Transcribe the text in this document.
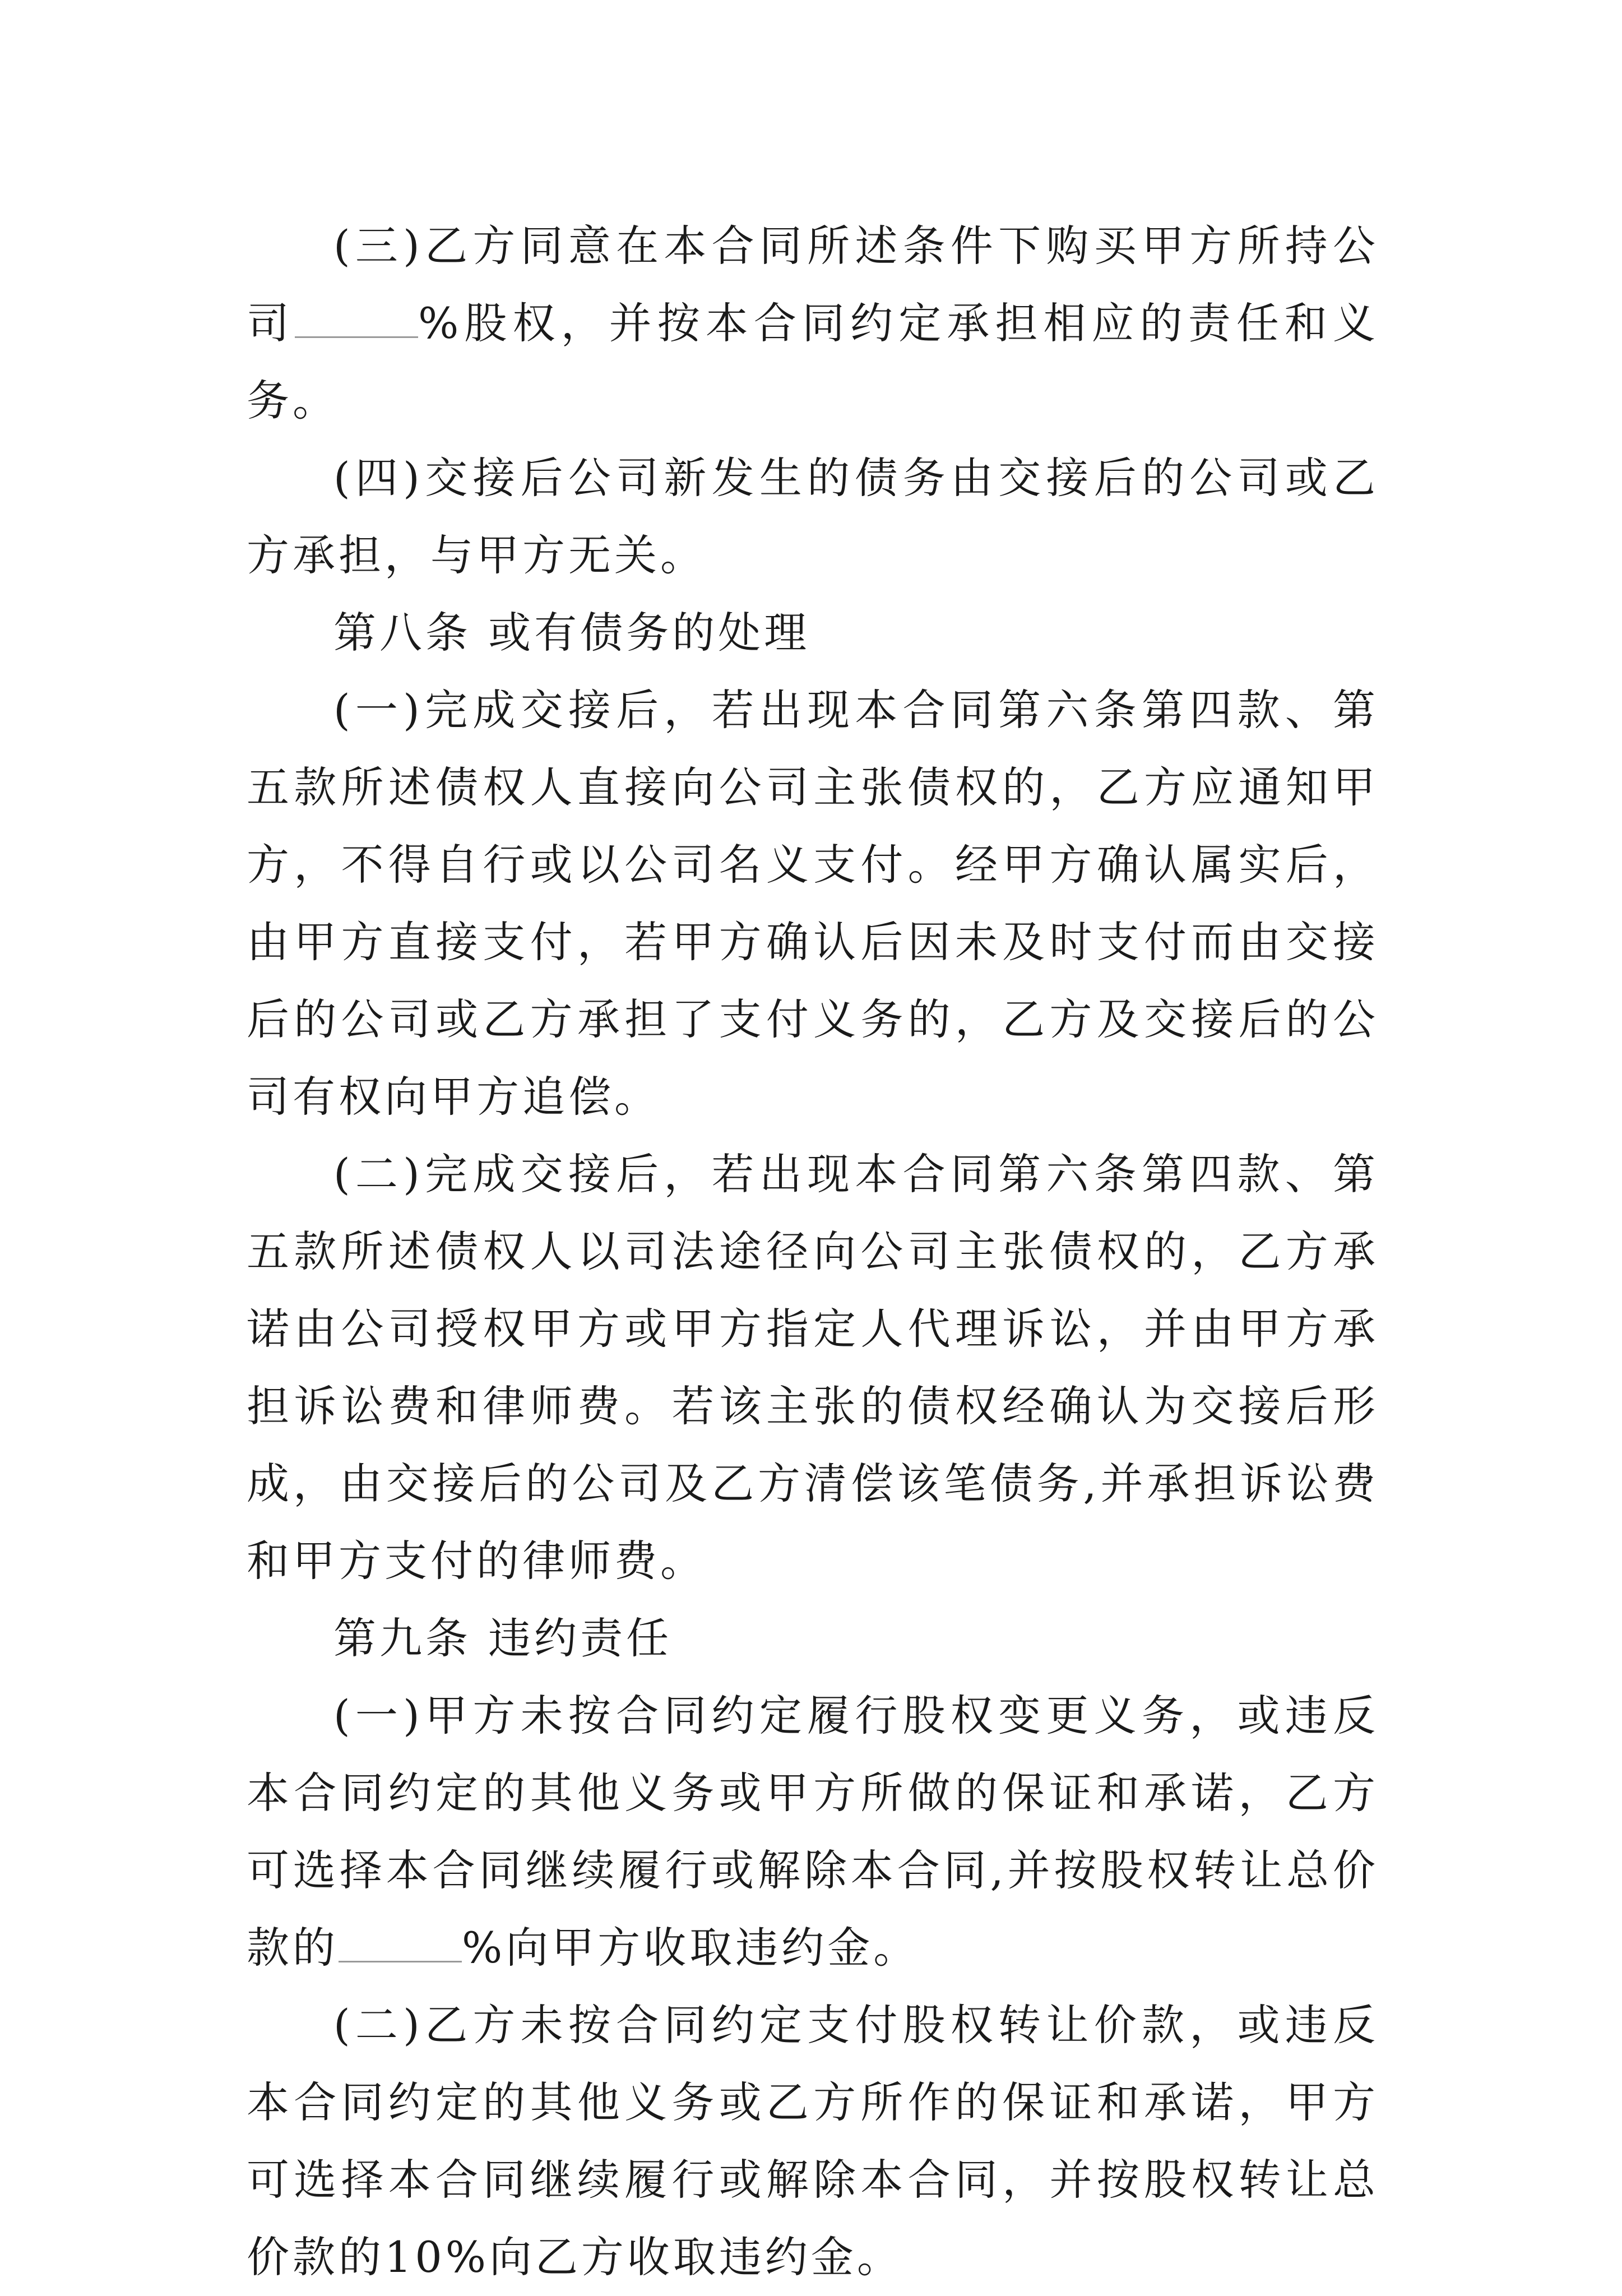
(三)乙方同意在本合同所述条件下购买甲方所持公司	%股权，并按本合同约定承担相应的责任和义务。

(四)交接后公司新发生的债务由交接后的公司或乙方承担，与甲方无关。

第八条 或有债务的处理

(一)完成交接后，若出现本合同第六条第四款、第五款所述债权人直接向公司主张债权的，乙方应通知甲方，不得自行或以公司名义支付。经甲方确认属实后，由甲方直接支付，若甲方确认后因未及时支付而由交接后的公司或乙方承担了支付义务的，乙方及交接后的公司有权向甲方追偿。

(二)完成交接后，若出现本合同第六条第四款、第五款所述债权人以司法途径向公司主张债权的，乙方承诺由公司授权甲方或甲方指定人代理诉讼，并由甲方承担诉讼费和律师费。若该主张的债权经确认为交接后形成，由交接后的公司及乙方清偿该笔债务,并承担诉讼费和甲方支付的律师费。

第九条 违约责任

(一)甲方未按合同约定履行股权变更义务，或违反本合同约定的其他义务或甲方所做的保证和承诺，乙方可选择本合同继续履行或解除本合同,并按股权转让总价款的	%向甲方收取违约金。

(二)乙方未按合同约定支付股权转让价款，或违反本合同约定的其他义务或乙方所作的保证和承诺，甲方可选择本合同继续履行或解除本合同，并按股权转让总价款的10%向乙方收取违约金。
